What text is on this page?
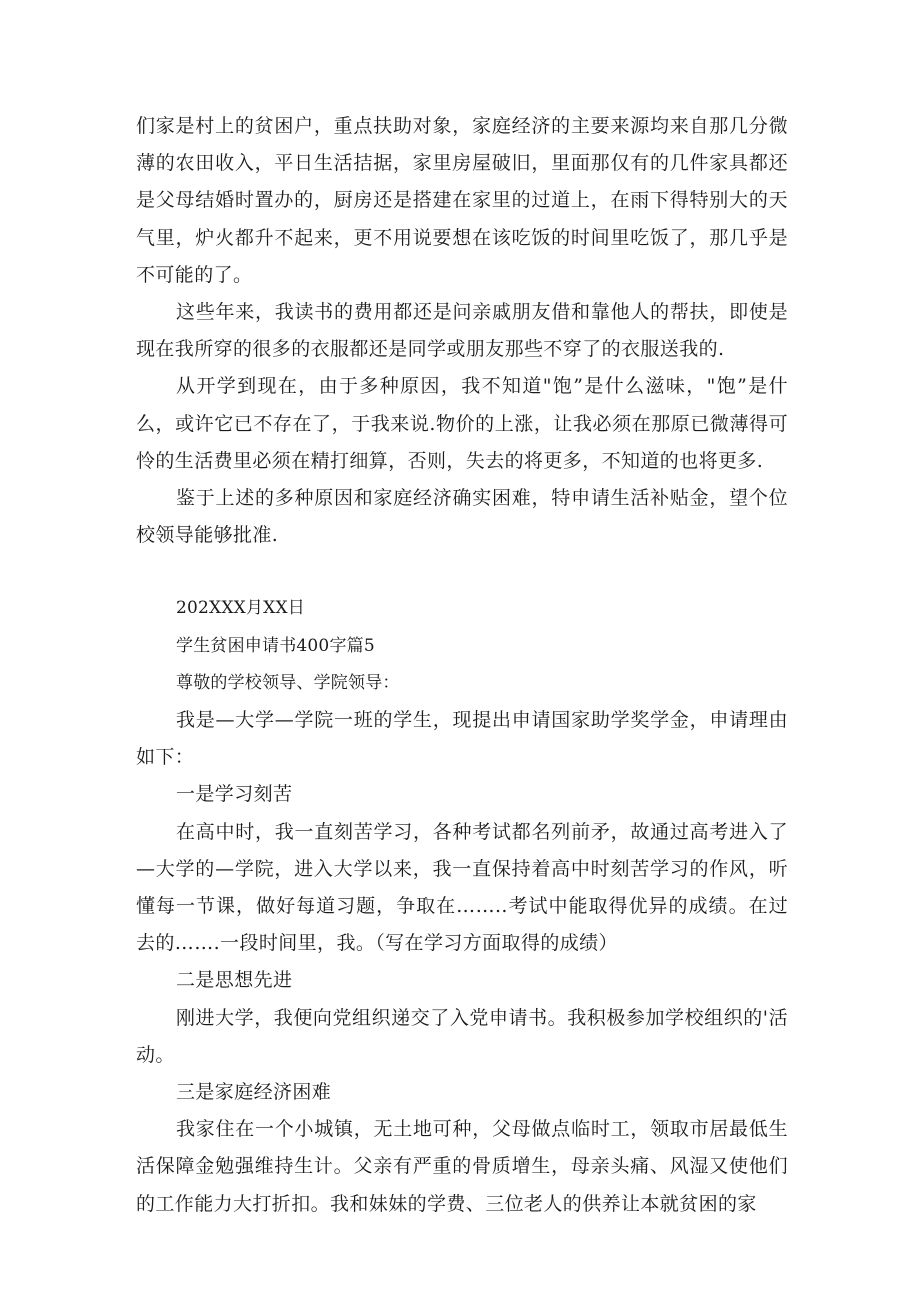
们家是村上的贫困户，重点扶助对象，家庭经济的主要来源均来自那几分微薄的农田收入，平日生活拮据，家里房屋破旧，里面那仅有的几件家具都还是父母结婚时置办的，厨房还是搭建在家里的过道上，在雨下得特别大的天气里，炉火都升不起来，更不用说要想在该吃饭的时间里吃饭了，那几乎是不可能的了。

这些年来，我读书的费用都还是问亲戚朋友借和靠他人的帮扶，即使是现在我所穿的很多的衣服都还是同学或朋友那些不穿了的衣服送我的.

从开学到现在，由于多种原因，我不知道"饱”是什么滋味，"饱”是什么，或许它已不存在了，于我来说.物价的上涨，让我必须在那原已微薄得可怜的生活费里必须在精打细算，否则，失去的将更多，不知道的也将更多.

鉴于上述的多种原因和家庭经济确实困难，特申请生活补贴金，望个位校领导能够批准.

202XXX月XX日

学生贫困申请书400字篇5

尊敬的学校领导、学院领导：

我是—大学—学院一班的学生，现提出申请国家助学奖学金，申请理由如下：

一是学习刻苦

在高中时，我一直刻苦学习，各种考试都名列前矛，故通过高考进入了—大学的—学院，进入大学以来，我一直保持着高中时刻苦学习的作风，听懂每一节课，做好每道习题，争取在……..考试中能取得优异的成绩。在过去的…….一段时间里，我。（写在学习方面取得的成绩）

二是思想先进

刚进大学，我便向党组织递交了入党申请书。我积极参加学校组织的'活动。

三是家庭经济困难

我家住在一个小城镇，无土地可种，父母做点临时工，领取市居最低生活保障金勉强维持生计。父亲有严重的骨质增生，母亲头痛、风湿又使他们的工作能力大打折扣。我和妹妹的学费、三位老人的供养让本就贫困的家
